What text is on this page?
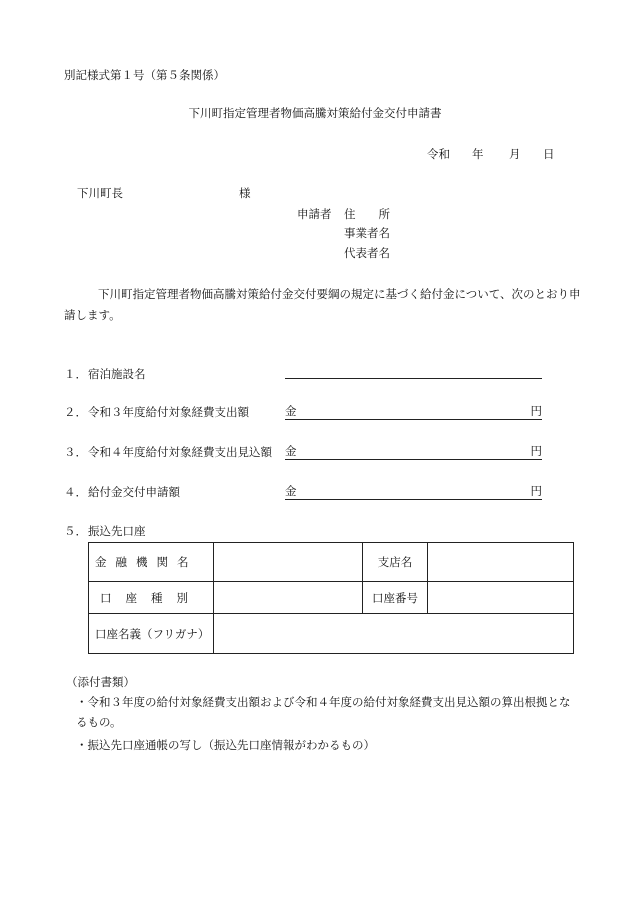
別記様式第１号（第５条関係）
下川町指定管理者物価高騰対策給付金交付申請書
令和 年 月 日
下川町長	様
申請者 住　　所
事業者名
代表者名
下川町指定管理者物価高騰対策給付金交付要綱の規定に基づく給付金について、次のとおり申請します。
１． 宿泊施設名
２． 令和３年度給付対象経費支出額	金	円
３． 令和４年度給付対象経費支出見込額 金	円
４． 給付金交付申請額	金	円
５． 振込先口座
金融機関名		支店名	
口座種別		口座番号	
口座名義（フリガナ）			
（添付書類）
・令和３年度の給付対象経費支出額および令和４年度の給付対象経費支出見込額の算出根拠となるもの。
・振込先口座通帳の写し（振込先口座情報がわかるもの）
